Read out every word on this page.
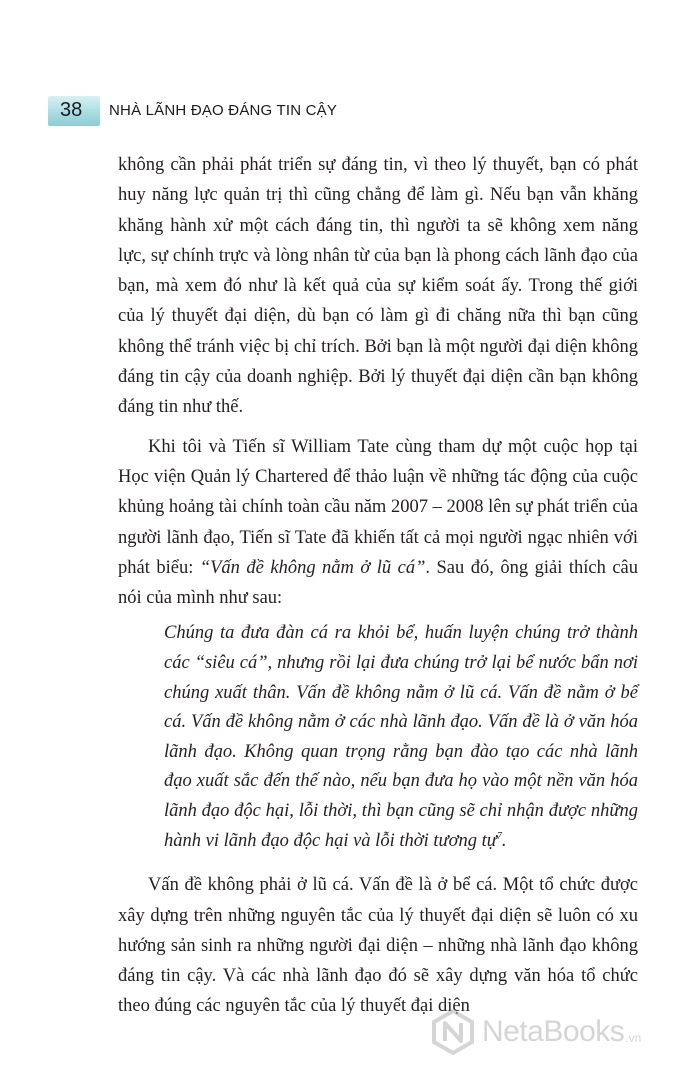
38 NHÀ LÃNH ĐẠO ĐÁNG TIN CẬY

không cần phải phát triển sự đáng tin, vì theo lý thuyết, bạn có phát huy năng lực quản trị thì cũng chẳng để làm gì. Nếu bạn vẫn khăng khăng hành xử một cách đáng tin, thì người ta sẽ không xem năng lực, sự chính trực và lòng nhân từ của bạn là phong cách lãnh đạo của bạn, mà xem đó như là kết quả của sự kiểm soát ấy. Trong thế giới của lý thuyết đại diện, dù bạn có làm gì đi chăng nữa thì bạn cũng không thể tránh việc bị chỉ trích. Bởi bạn là một người đại diện không đáng tin cậy của doanh nghiệp. Bởi lý thuyết đại diện cần bạn không đáng tin như thế.

Khi tôi và Tiến sĩ William Tate cùng tham dự một cuộc họp tại Học viện Quản lý Chartered để thảo luận về những tác động của cuộc khủng hoảng tài chính toàn cầu năm 2007 – 2008 lên sự phát triển của người lãnh đạo, Tiến sĩ Tate đã khiến tất cả mọi người ngạc nhiên với phát biểu: “Vấn đề không nằm ở lũ cá”. Sau đó, ông giải thích câu nói của mình như sau:

Chúng ta đưa đàn cá ra khỏi bể, huấn luyện chúng trở thành các “siêu cá”, nhưng rồi lại đưa chúng trở lại bể nước bẩn nơi chúng xuất thân. Vấn đề không nằm ở lũ cá. Vấn đề nằm ở bể cá. Vấn đề không nằm ở các nhà lãnh đạo. Vấn đề là ở văn hóa lãnh đạo. Không quan trọng rằng bạn đào tạo các nhà lãnh đạo xuất sắc đến thế nào, nếu bạn đưa họ vào một nền văn hóa lãnh đạo độc hại, lỗi thời, thì bạn cũng sẽ chỉ nhận được những hành vi lãnh đạo độc hại và lỗi thời tương tự$^7$.

Vấn đề không phải ở lũ cá. Vấn đề là ở bể cá. Một tổ chức được xây dựng trên những nguyên tắc của lý thuyết đại diện sẽ luôn có xu hướng sản sinh ra những người đại diện – những nhà lãnh đạo không đáng tin cậy. Và các nhà lãnh đạo đó sẽ xây dựng văn hóa tổ chức theo đúng các nguyên tắc của lý thuyết đại diện

NetaBooks .vn
